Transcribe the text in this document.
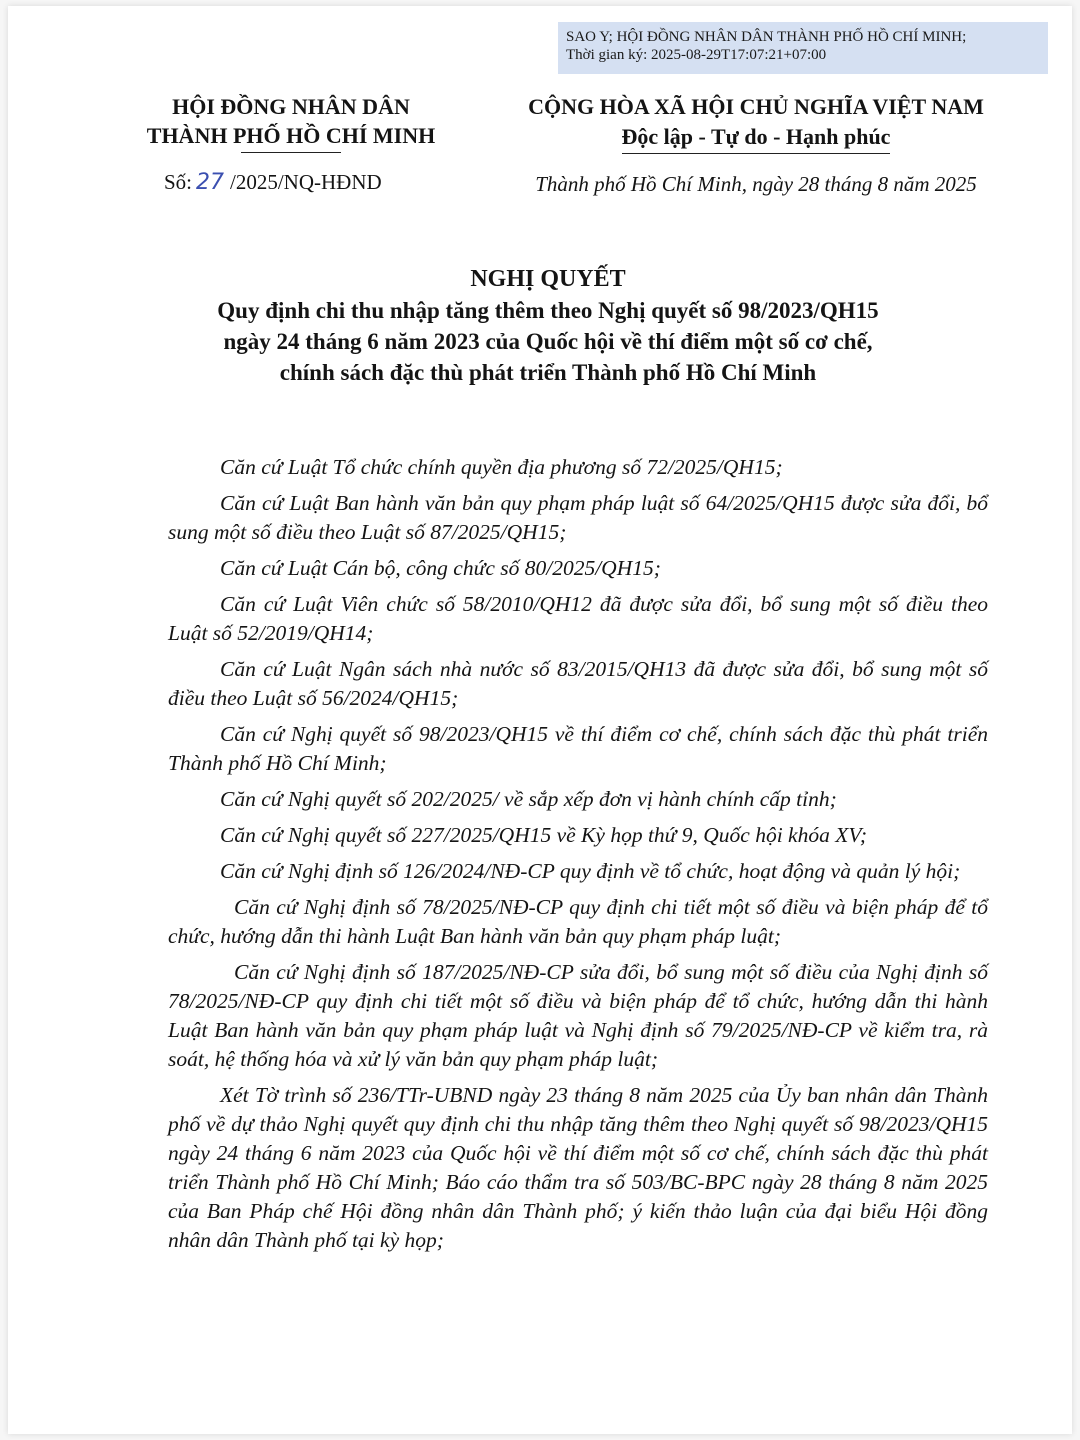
SAO Y; HỘI ĐỒNG NHÂN DÂN THÀNH PHỐ HỒ CHÍ MINH;
Thời gian ký: 2025-08-29T17:07:21+07:00
HỘI ĐỒNG NHÂN DÂN
THÀNH PHỐ HỒ CHÍ MINH
CỘNG HÒA XÃ HỘI CHỦ NGHĨA VIỆT NAM
Độc lập - Tự do - Hạnh phúc
Số: 27 /2025/NQ-HĐND	Thành phố Hồ Chí Minh, ngày 28 tháng 8 năm 2025
NGHỊ QUYẾT
Quy định chi thu nhập tăng thêm theo Nghị quyết số 98/2023/QH15
ngày 24 tháng 6 năm 2023 của Quốc hội về thí điểm một số cơ chế,
chính sách đặc thù phát triển Thành phố Hồ Chí Minh

Căn cứ Luật Tổ chức chính quyền địa phương số 72/2025/QH15;

Căn cứ Luật Ban hành văn bản quy phạm pháp luật số 64/2025/QH15 được sửa đổi, bổ sung một số điều theo Luật số 87/2025/QH15;

Căn cứ Luật Cán bộ, công chức số 80/2025/QH15;

Căn cứ Luật Viên chức số 58/2010/QH12 đã được sửa đổi, bổ sung một số điều theo Luật số 52/2019/QH14;

Căn cứ Luật Ngân sách nhà nước số 83/2015/QH13 đã được sửa đổi, bổ sung một số điều theo Luật số 56/2024/QH15;

Căn cứ Nghị quyết số 98/2023/QH15 về thí điểm cơ chế, chính sách đặc thù phát triển Thành phố Hồ Chí Minh;

Căn cứ Nghị quyết số 202/2025/ về sắp xếp đơn vị hành chính cấp tỉnh;

Căn cứ Nghị quyết số 227/2025/QH15 về Kỳ họp thứ 9, Quốc hội khóa XV;

Căn cứ Nghị định số 126/2024/NĐ-CP quy định về tổ chức, hoạt động và quản lý hội;

Căn cứ Nghị định số 78/2025/NĐ-CP quy định chi tiết một số điều và biện pháp để tổ chức, hướng dẫn thi hành Luật Ban hành văn bản quy phạm pháp luật;

Căn cứ Nghị định số 187/2025/NĐ-CP sửa đổi, bổ sung một số điều của Nghị định số 78/2025/NĐ-CP quy định chi tiết một số điều và biện pháp để tổ chức, hướng dẫn thi hành Luật Ban hành văn bản quy phạm pháp luật và Nghị định số 79/2025/NĐ-CP về kiểm tra, rà soát, hệ thống hóa và xử lý văn bản quy phạm pháp luật;

Xét Tờ trình số 236/TTr-UBND ngày 23 tháng 8 năm 2025 của Ủy ban nhân dân Thành phố về dự thảo Nghị quyết quy định chi thu nhập tăng thêm theo Nghị quyết số 98/2023/QH15 ngày 24 tháng 6 năm 2023 của Quốc hội về thí điểm một số cơ chế, chính sách đặc thù phát triển Thành phố Hồ Chí Minh; Báo cáo thẩm tra số 503/BC-BPC ngày 28 tháng 8 năm 2025 của Ban Pháp chế Hội đồng nhân dân Thành phố; ý kiến thảo luận của đại biểu Hội đồng nhân dân Thành phố tại kỳ họp;
